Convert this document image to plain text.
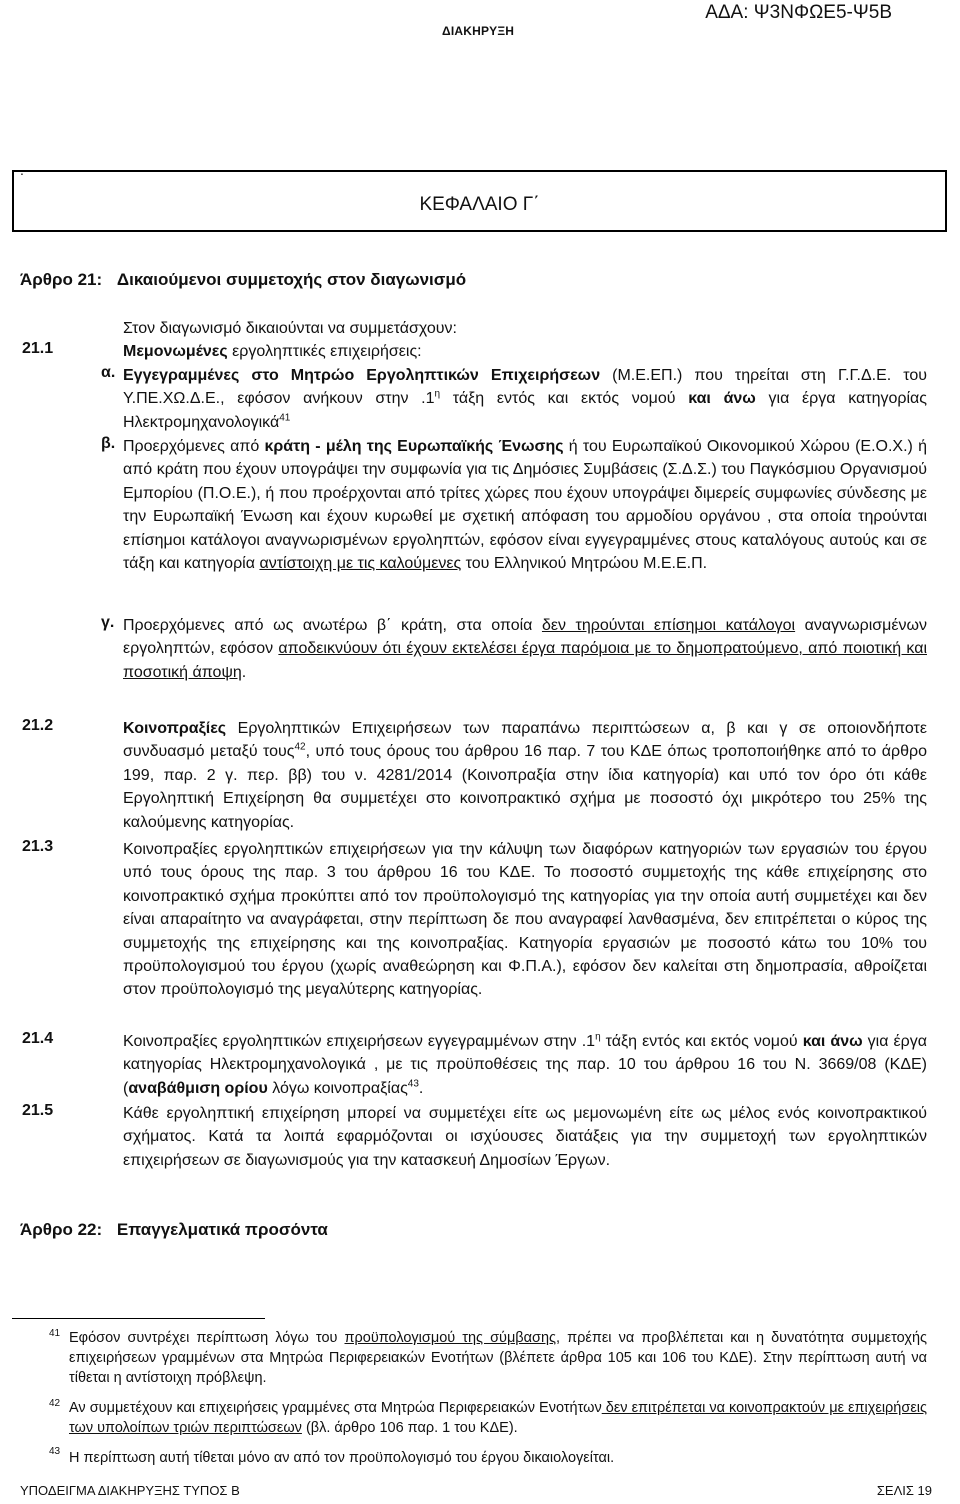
ΑΔΑ: Ψ3ΝΦΩΕ5-Ψ5Β
ΔΙΑΚΗΡΥΞΗ
.
ΚΕΦΑΛΑΙΟ Γ΄
Άρθρο 21: Δικαιούμενοι συμμετοχής στον διαγωνισμό

Στον διαγωνισμό δικαιούνται να συμμετάσχουν:

21.1	Μεμονωμένες εργοληπτικές επιχειρήσεις:

α. Εγγεγραμμένες στο Μητρώο Εργοληπτικών Επιχειρήσεων (Μ.Ε.ΕΠ.) που τηρείται στη Γ.Γ.Δ.Ε. του Υ.ΠΕ.ΧΩ.Δ.Ε., εφόσον ανήκουν στην $.1^\eta$ τάξη εντός και εκτός νομού και άνω για έργα κατηγορίας Ηλεκτρομηχανολογικά$^{41}$

β. Προερχόμενες από κράτη - μέλη της Ευρωπαϊκής Ένωσης ή του Ευρωπαϊκού Οικονομικού Χώρου (Ε.Ο.Χ.) ή από κράτη που έχουν υπογράψει την συμφωνία για τις Δημόσιες Συμβάσεις (Σ.Δ.Σ.) του Παγκόσμιου Οργανισμού Εμπορίου (Π.Ο.Ε.), ή που προέρχονται από τρίτες χώρες που έχουν υπογράψει διμερείς συμφωνίες σύνδεσης με την Ευρωπαϊκή Ένωση και έχουν κυρωθεί με σχετική απόφαση του αρμοδίου οργάνου , στα οποία τηρούνται επίσημοι κατάλογοι αναγνωρισμένων εργοληπτών, εφόσον είναι εγγεγραμμένες στους καταλόγους αυτούς και σε τάξη και κατηγορία αντίστοιχη με τις καλούμενες του Ελληνικού Μητρώου Μ.Ε.Ε.Π.

γ. Προερχόμενες από ως ανωτέρω β΄ κράτη, στα οποία δεν τηρούνται επίσημοι κατάλογοι αναγνωρισμένων εργοληπτών, εφόσον αποδεικνύουν ότι έχουν εκτελέσει έργα παρόμοια με το δημοπρατούμενο, από ποιοτική και ποσοτική άποψη.

21.2	Κοινοπραξίες Εργοληπτικών Επιχειρήσεων των παραπάνω περιπτώσεων α, β και γ σε οποιονδήποτε συνδυασμό μεταξύ τους$^{42}$, υπό τους όρους του άρθρου 16 παρ. 7 του ΚΔΕ όπως τροποποιήθηκε από το άρθρο 199, παρ. 2 γ. περ. ββ) του ν. 4281/2014 (Κοινοπραξία στην ίδια κατηγορία) και υπό τον όρο ότι κάθε Εργοληπτική Επιχείρηση θα συμμετέχει στο κοινοπρακτικό σχήμα με ποσοστό όχι μικρότερο του 25% της καλούμενης κατηγορίας.

21.3	Κοινοπραξίες εργοληπτικών επιχειρήσεων για την κάλυψη των διαφόρων κατηγοριών των εργασιών του έργου υπό τους όρους της παρ. 3 του άρθρου 16 του ΚΔΕ. Το ποσοστό συμμετοχής της κάθε επιχείρησης στο κοινοπρακτικό σχήμα προκύπτει από τον προϋπολογισμό της κατηγορίας για την οποία αυτή συμμετέχει και δεν είναι απαραίτητο να αναγράφεται, στην περίπτωση δε που αναγραφεί λανθασμένα, δεν επιτρέπεται ο κύρος της συμμετοχής της επιχείρησης και της κοινοπραξίας. Κατηγορία εργασιών με ποσοστό κάτω του 10% του προϋπολογισμού του έργου (χωρίς αναθεώρηση και Φ.Π.Α.), εφόσον δεν καλείται στη δημοπρασία, αθροίζεται στον προϋπολογισμό της μεγαλύτερης κατηγορίας.

21.4	Κοινοπραξίες εργοληπτικών επιχειρήσεων εγγεγραμμένων στην $.1^\eta$ τάξη εντός και εκτός νομού και άνω για έργα κατηγορίας Ηλεκτρομηχανολογικά , με τις προϋποθέσεις της παρ. 10 του άρθρου 16 του Ν. 3669/08 (ΚΔΕ) (αναβάθμιση ορίου λόγω κοινοπραξίας$^{43}$.

21.5	Κάθε εργοληπτική επιχείρηση μπορεί να συμμετέχει είτε ως μεμονωμένη είτε ως μέλος ενός κοινοπρακτικού σχήματος. Κατά τα λοιπά εφαρμόζονται οι ισχύουσες διατάξεις για την συμμετοχή των εργοληπτικών επιχειρήσεων σε διαγωνισμούς για την κατασκευή Δημοσίων Έργων.

Άρθρο 22: Επαγγελματικά προσόντα
41 Εφόσον συντρέχει περίπτωση λόγω του προϋπολογισμού της σύμβασης, πρέπει να προβλέπεται και η δυνατότητα συμμετοχής επιχειρήσεων γραμμένων στα Μητρώα Περιφερειακών Ενοτήτων (βλέπετε άρθρα 105 και 106 του ΚΔΕ). Στην περίπτωση αυτή να τίθεται η αντίστοιχη πρόβλεψη.

42 Αν συμμετέχουν και επιχειρήσεις γραμμένες στα Μητρώα Περιφερειακών Ενοτήτων δεν επιτρέπεται να κοινοπρακτούν με επιχειρήσεις των υπολοίπων τριών περιπτώσεων (βλ. άρθρο 106 παρ. 1 του ΚΔΕ).

43 Η περίπτωση αυτή τίθεται μόνο αν από τον προϋπολογισμό του έργου δικαιολογείται.

ΥΠΟΔΕΙΓΜΑ ΔΙΑΚΗΡΥΞΗΣ ΤΥΠΟΣ Β	ΣΕΛΙΣ 19
